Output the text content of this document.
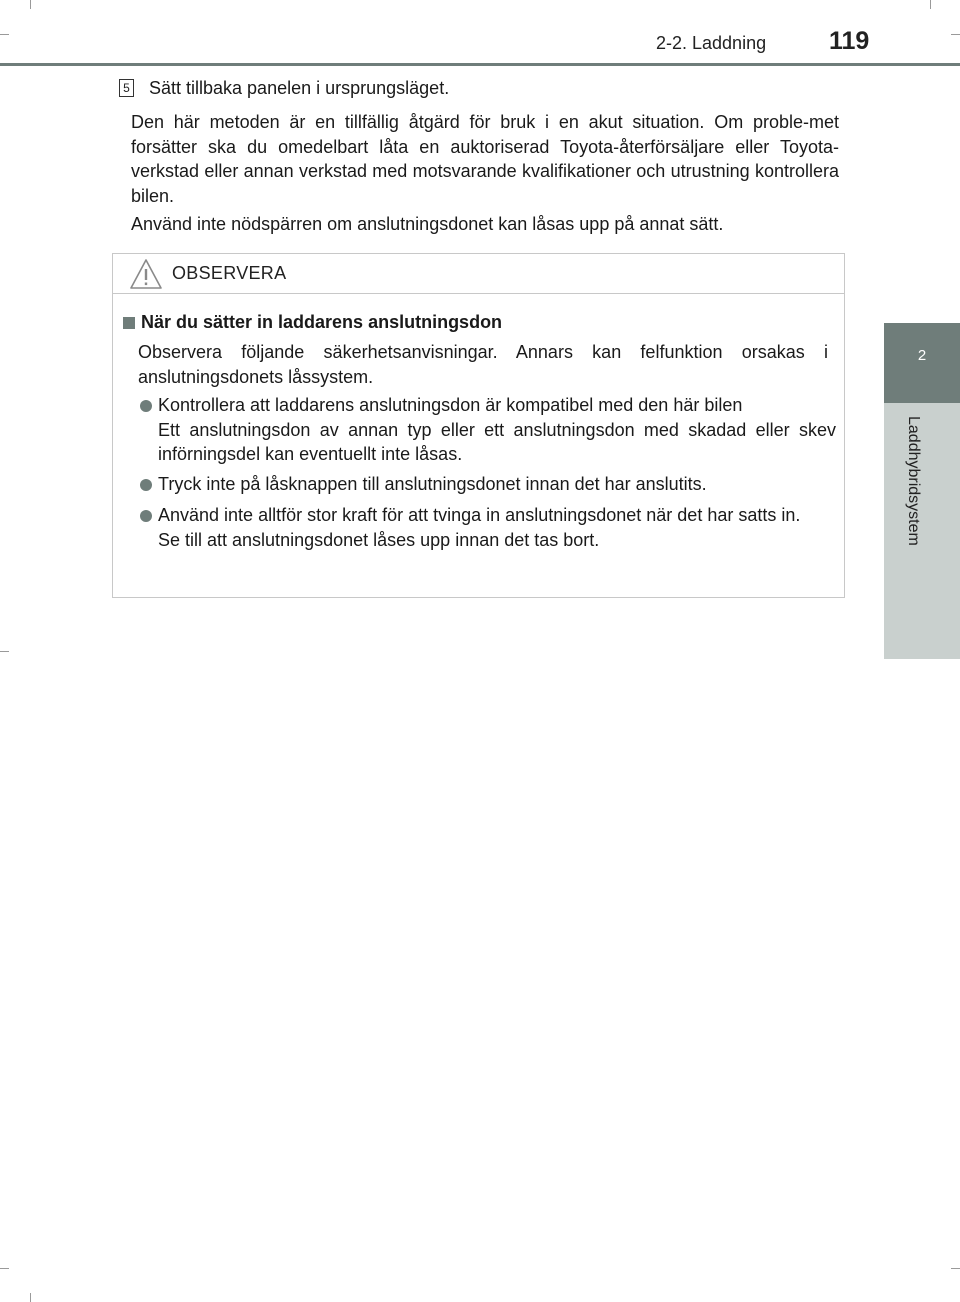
2-2. Laddning	119
2
Laddhybridsystem
5 Sätt tillbaka panelen i ursprungsläget.

Den här metoden är en tillfällig åtgärd för bruk i en akut situation. Om proble-met forsätter ska du omedelbart låta en auktoriserad Toyota-återförsäljare eller Toyota-verkstad eller annan verkstad med motsvarande kvalifikationer och utrustning kontrollera bilen.

Använd inte nödspärren om anslutningsdonet kan låsas upp på annat sätt.

OBSERVERA
När du sätter in laddarens anslutningsdon

Observera följande säkerhetsanvisningar. Annars kan felfunktion orsakas i anslutningsdonets låssystem.

Kontrollera att laddarens anslutningsdon är kompatibel med den här bilen
Ett anslutningsdon av annan typ eller ett anslutningsdon med skadad eller skev införningsdel kan eventuellt inte låsas.
Tryck inte på låsknappen till anslutningsdonet innan det har anslutits.
Använd inte alltför stor kraft för att tvinga in anslutningsdonet när det har satts in.
Se till att anslutningsdonet låses upp innan det tas bort.
